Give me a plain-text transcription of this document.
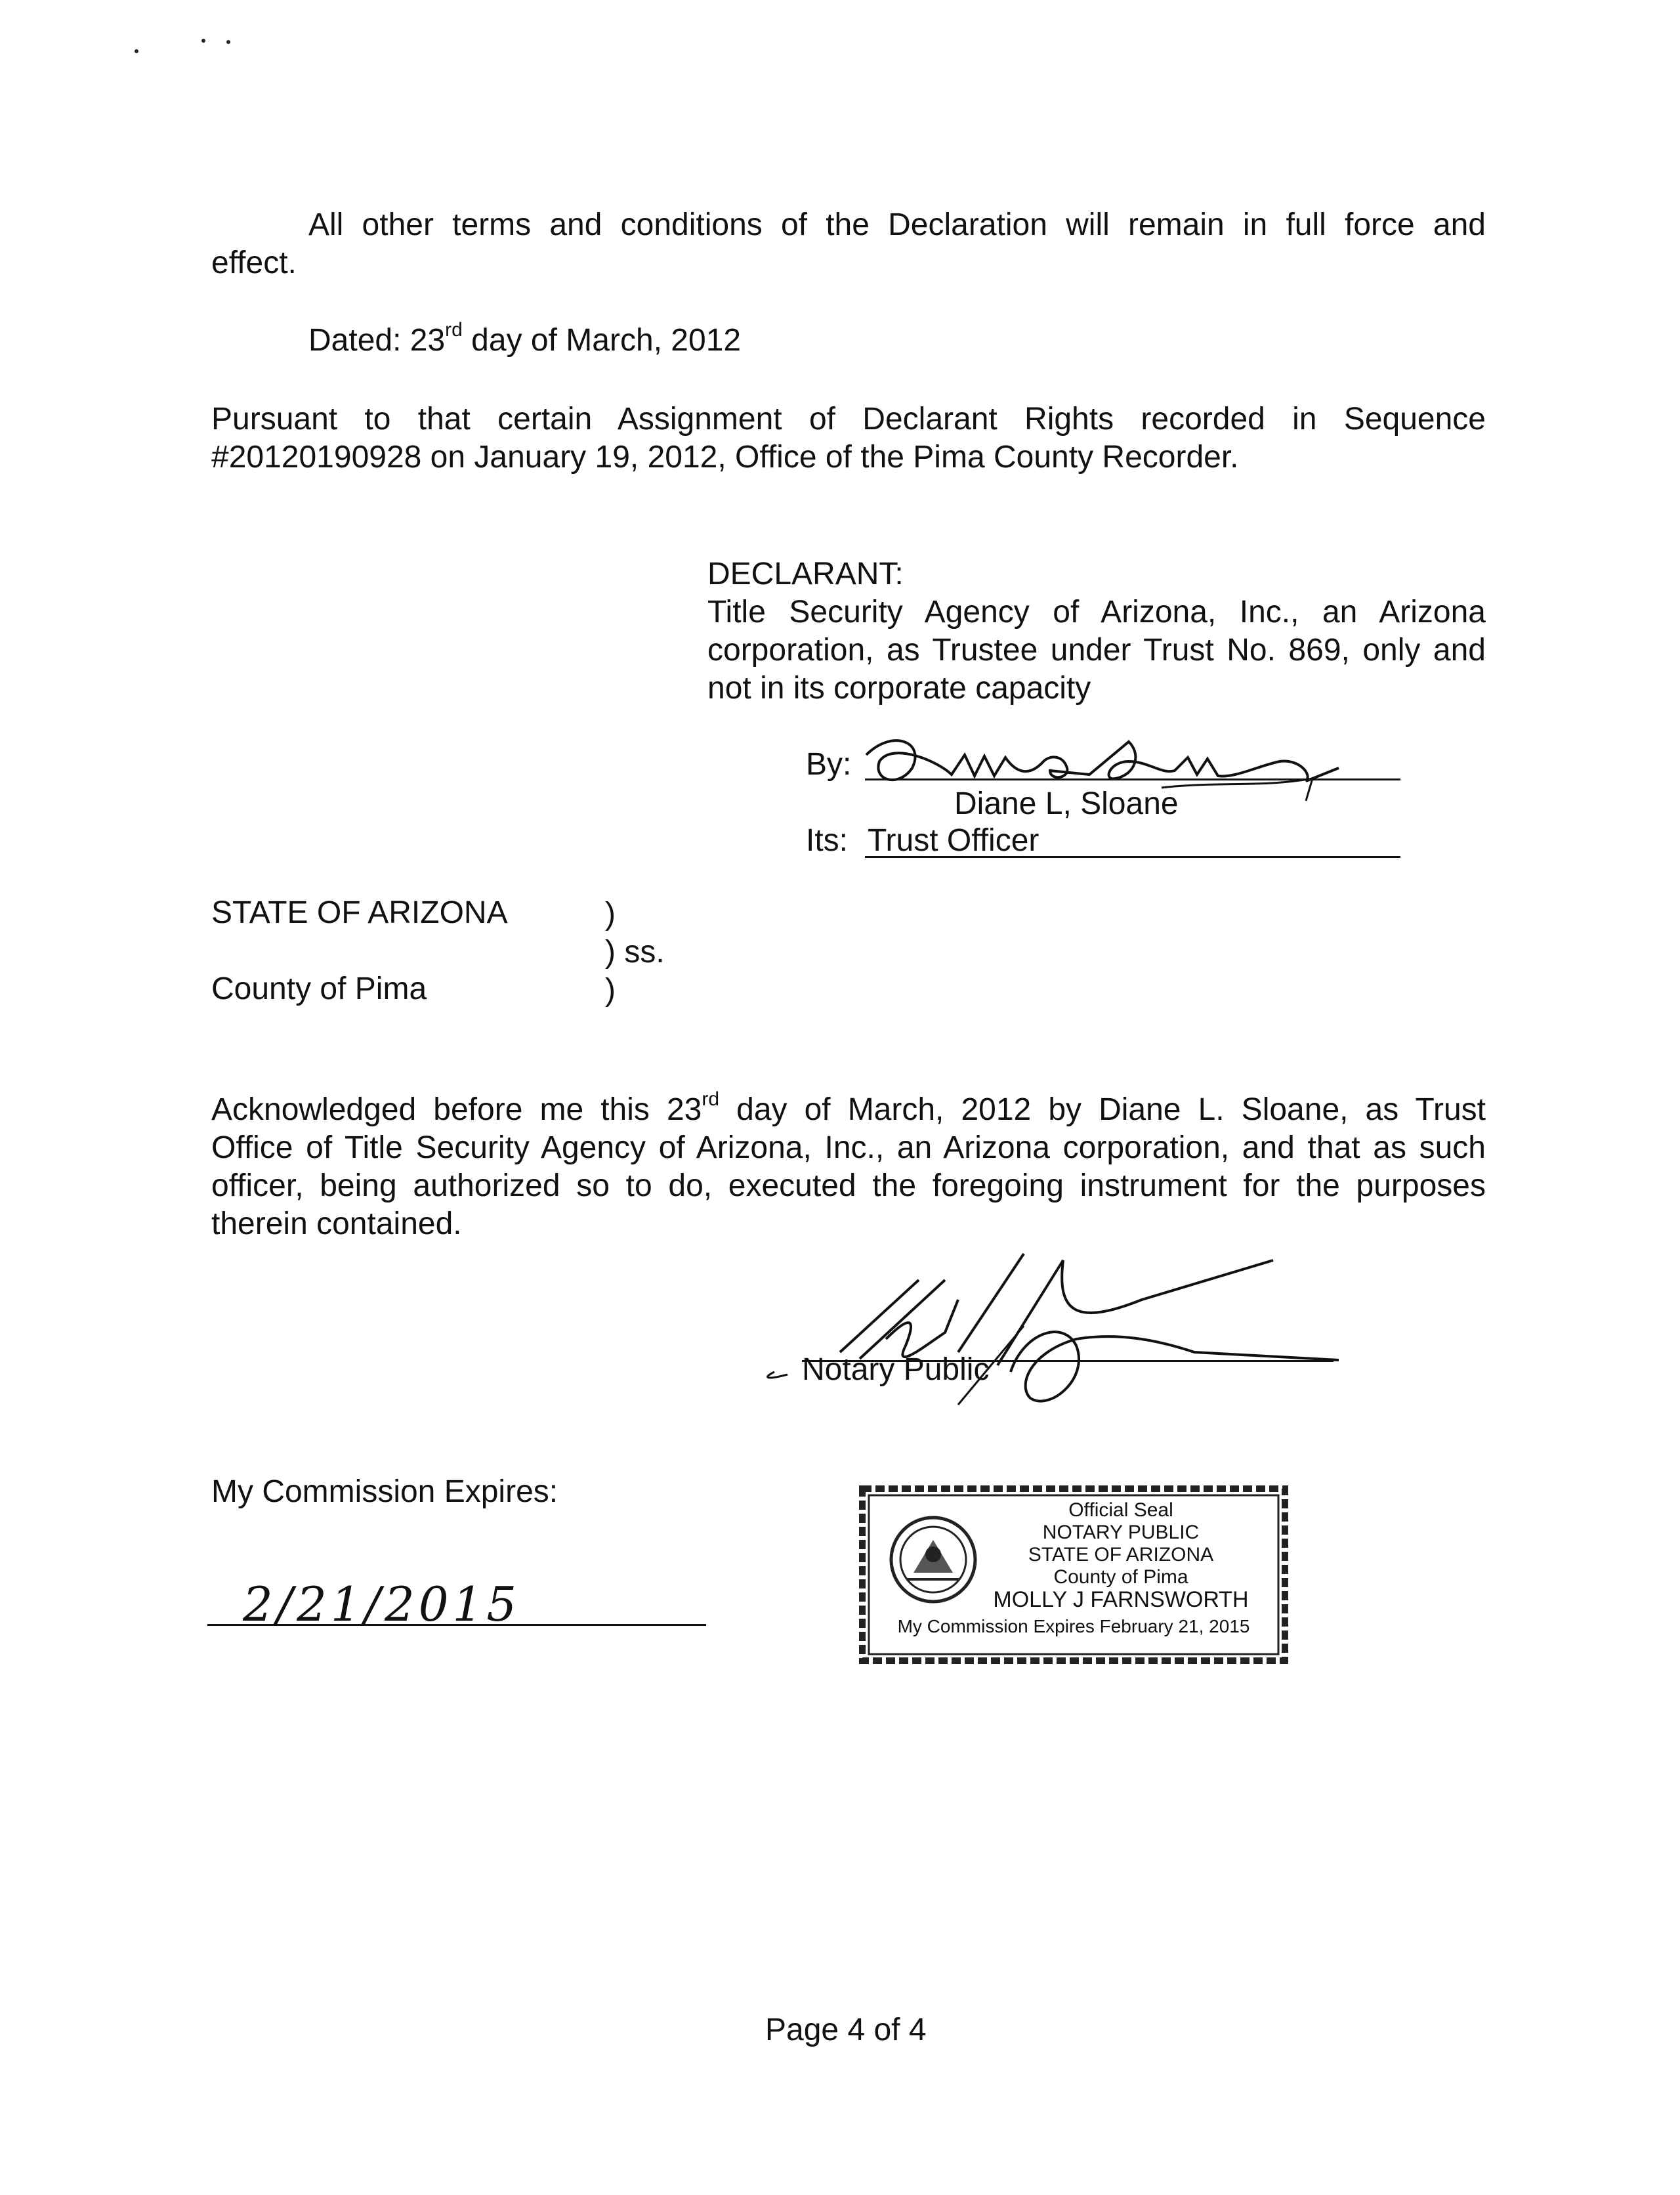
All other terms and conditions of the Declaration will remain in full force and
effect.
Dated: 23rd day of March, 2012
Pursuant to that certain Assignment of Declarant Rights recorded in Sequence
#20120190928 on January 19, 2012, Office of the Pima County Recorder.
DECLARANT:
Title Security Agency of Arizona, Inc., an Arizona
corporation, as Trustee under Trust No. 869, only and
not in its corporate capacity
By:
Diane L, Sloane
Its: Trust Officer
STATE OF ARIZONA
County of Pima
)
) ss.
)
Acknowledged before me this 23rd day of March, 2012 by Diane L. Sloane, as Trust
Office of Title Security Agency of Arizona, Inc., an Arizona corporation, and that as such
officer, being authorized so to do, executed the foregoing instrument for the purposes
therein contained.
Notary Public
My Commission Expires:
2/21/2015
Official Seal
NOTARY PUBLIC
STATE OF ARIZONA
County of Pima
MOLLY J FARNSWORTH
My Commission Expires February 21, 2015
Page 4 of 4
